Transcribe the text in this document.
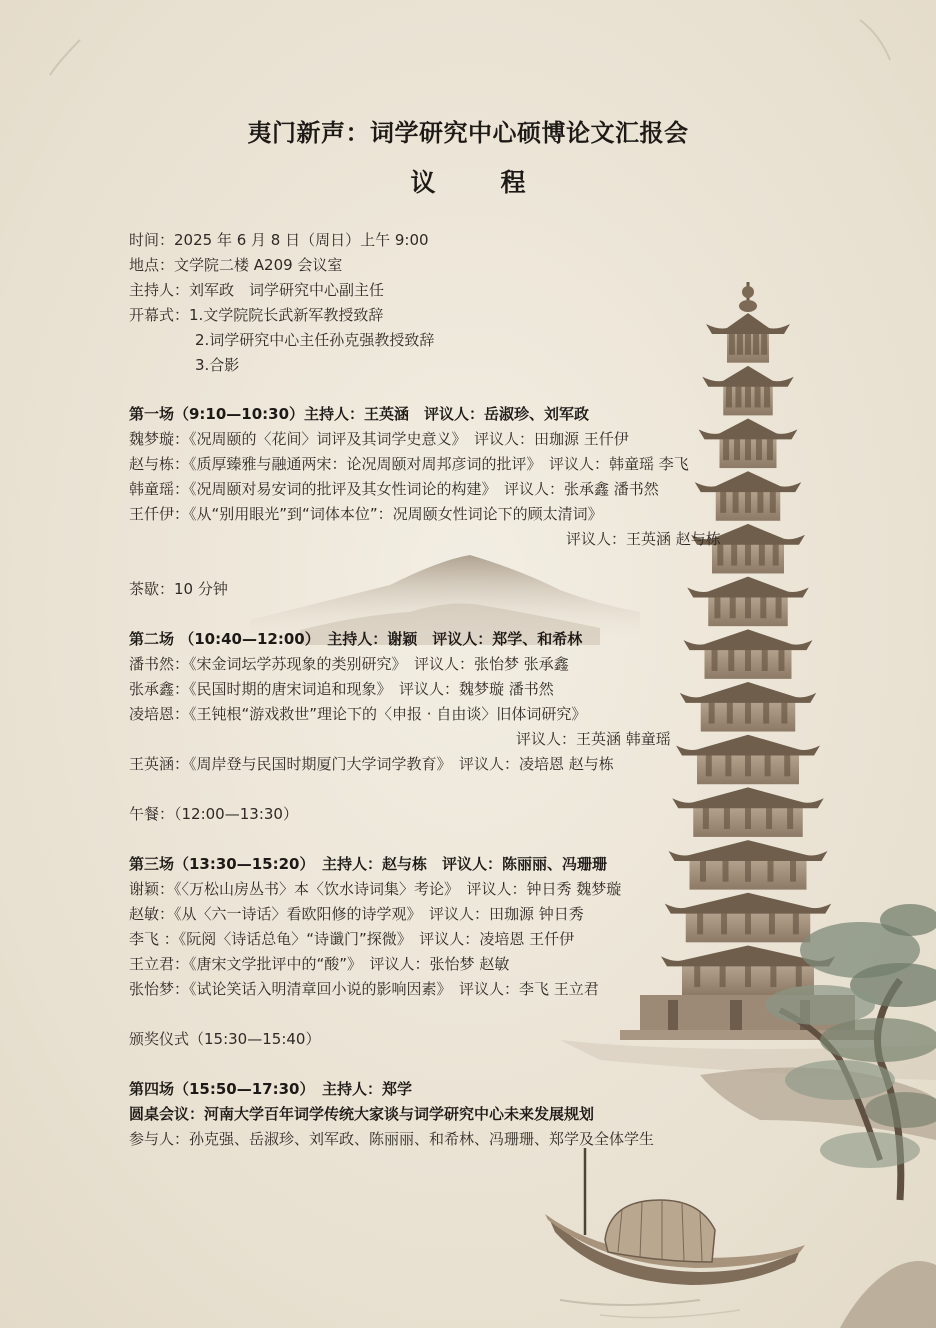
夷门新声：词学研究中心硕博论文汇报会
议　程
时间：2025 年 6 月 8 日（周日）上午 9:00
地点：文学院二楼 A209 会议室
主持人：刘军政　词学研究中心副主任
开幕式：1.文学院院长武新军教授致辞
2.词学研究中心主任孙克强教授致辞
3.合影
第一场（9:10—10:30）主持人：王英涵　评议人：岳淑珍、刘军政
魏梦璇：《况周颐的〈花间〉词评及其词学史意义》　评议人：田珈源 王仟伊
赵与栋：《质厚臻雅与融通两宋：论况周颐对周邦彦词的批评》　评议人：韩童瑶 李飞
韩童瑶：《况周颐对易安词的批评及其女性词论的构建》　评议人：张承鑫 潘书然
王仟伊：《从“别用眼光”到“词体本位”：况周颐女性词论下的顾太清词》
评议人：王英涵 赵与栋
茶歇：10 分钟
第二场 （10:40—12:00）　主持人：谢颖　评议人：郑学、和希林
潘书然：《宋金词坛学苏现象的类别研究》　评议人：张怡梦 张承鑫
张承鑫：《民国时期的唐宋词追和现象》　评议人：魏梦璇 潘书然
凌培恩：《王钝根“游戏救世”理论下的〈申报 · 自由谈〉旧体词研究》
评议人：王英涵 韩童瑶
王英涵：《周岸登与民国时期厦门大学词学教育》　评议人：凌培恩 赵与栋
午餐：（12:00—13:30）
第三场（13:30—15:20）　主持人：赵与栋　评议人：陈丽丽、冯珊珊
谢颖：《〈万松山房丛书〉本〈饮水诗词集〉考论》　评议人：钟日秀 魏梦璇
赵敏：《从〈六一诗话〉看欧阳修的诗学观》　评议人：田珈源 钟日秀
李飞 ：《阮阅〈诗话总龟〉“诗谶门”探微》　评议人：凌培恩 王仟伊
王立君：《唐宋文学批评中的“酸”》　评议人：张怡梦 赵敏
张怡梦：《试论笑话入明清章回小说的影响因素》　评议人：李飞 王立君
颁奖仪式（15:30—15:40）
第四场（15:50—17:30）　主持人：郑学
圆桌会议：河南大学百年词学传统大家谈与词学研究中心未来发展规划
参与人：孙克强、岳淑珍、刘军政、陈丽丽、和希林、冯珊珊、郑学及全体学生
